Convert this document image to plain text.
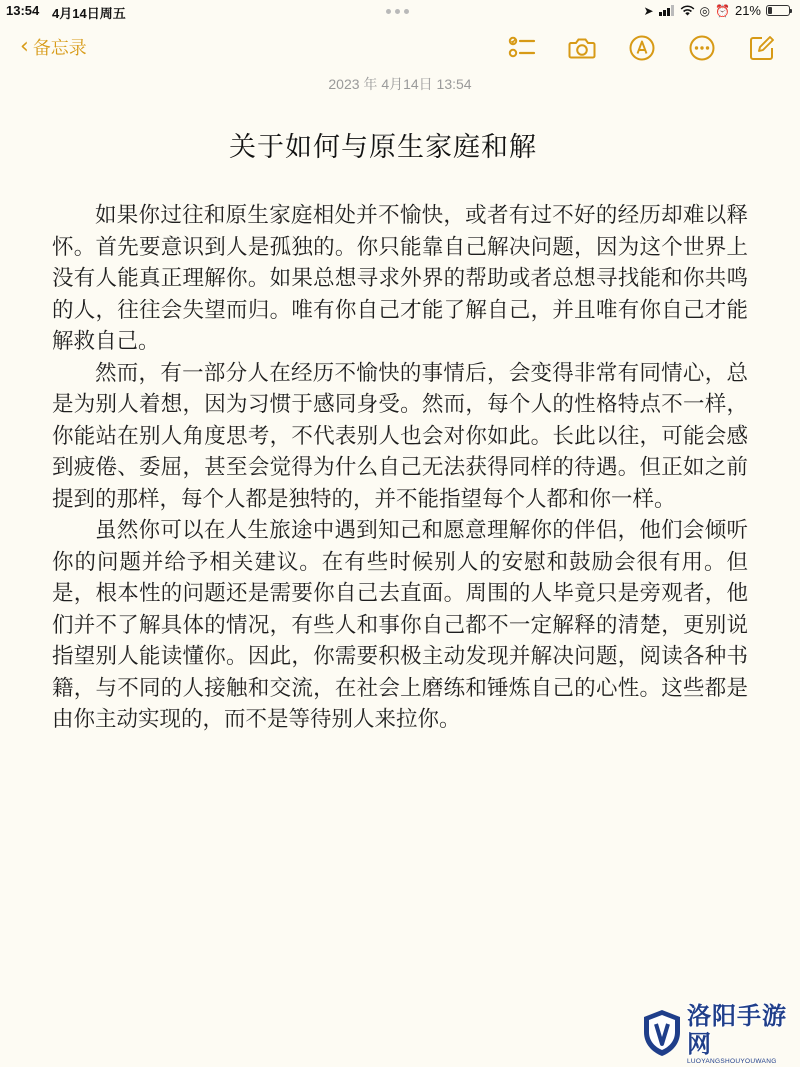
13:54 4月14日周五	➤	◎ ⏰ 21%
‹ 备忘录
2023 年 4月14日 13:54
关于如何与原生家庭和解

如果你过往和原生家庭相处并不愉快，或者有过不好的经历却难以释怀。首先要意识到人是孤独的。你只能靠自己解决问题，因为这个世界上没有人能真正理解你。如果总想寻求外界的帮助或者总想寻找能和你共鸣的人，往往会失望而归。唯有你自己才能了解自己，并且唯有你自己才能解救自己。

然而，有一部分人在经历不愉快的事情后，会变得非常有同情心，总是为别人着想，因为习惯于感同身受。然而，每个人的性格特点不一样，你能站在别人角度思考，不代表别人也会对你如此。长此以往，可能会感到疲倦、委屈，甚至会觉得为什么自己无法获得同样的待遇。但正如之前提到的那样，每个人都是独特的，并不能指望每个人都和你一样。

虽然你可以在人生旅途中遇到知己和愿意理解你的伴侣，他们会倾听你的问题并给予相关建议。在有些时候别人的安慰和鼓励会很有用。但是，根本性的问题还是需要你自己去直面。周围的人毕竟只是旁观者，他们并不了解具体的情况，有些人和事你自己都不一定解释的清楚，更别说指望别人能读懂你。因此，你需要积极主动发现并解决问题，阅读各种书籍，与不同的人接触和交流，在社会上磨练和锤炼自己的心性。这些都是由你主动实现的，而不是等待别人来拉你。

洛阳手游网
LUOYANGSHOUYOUWANG
